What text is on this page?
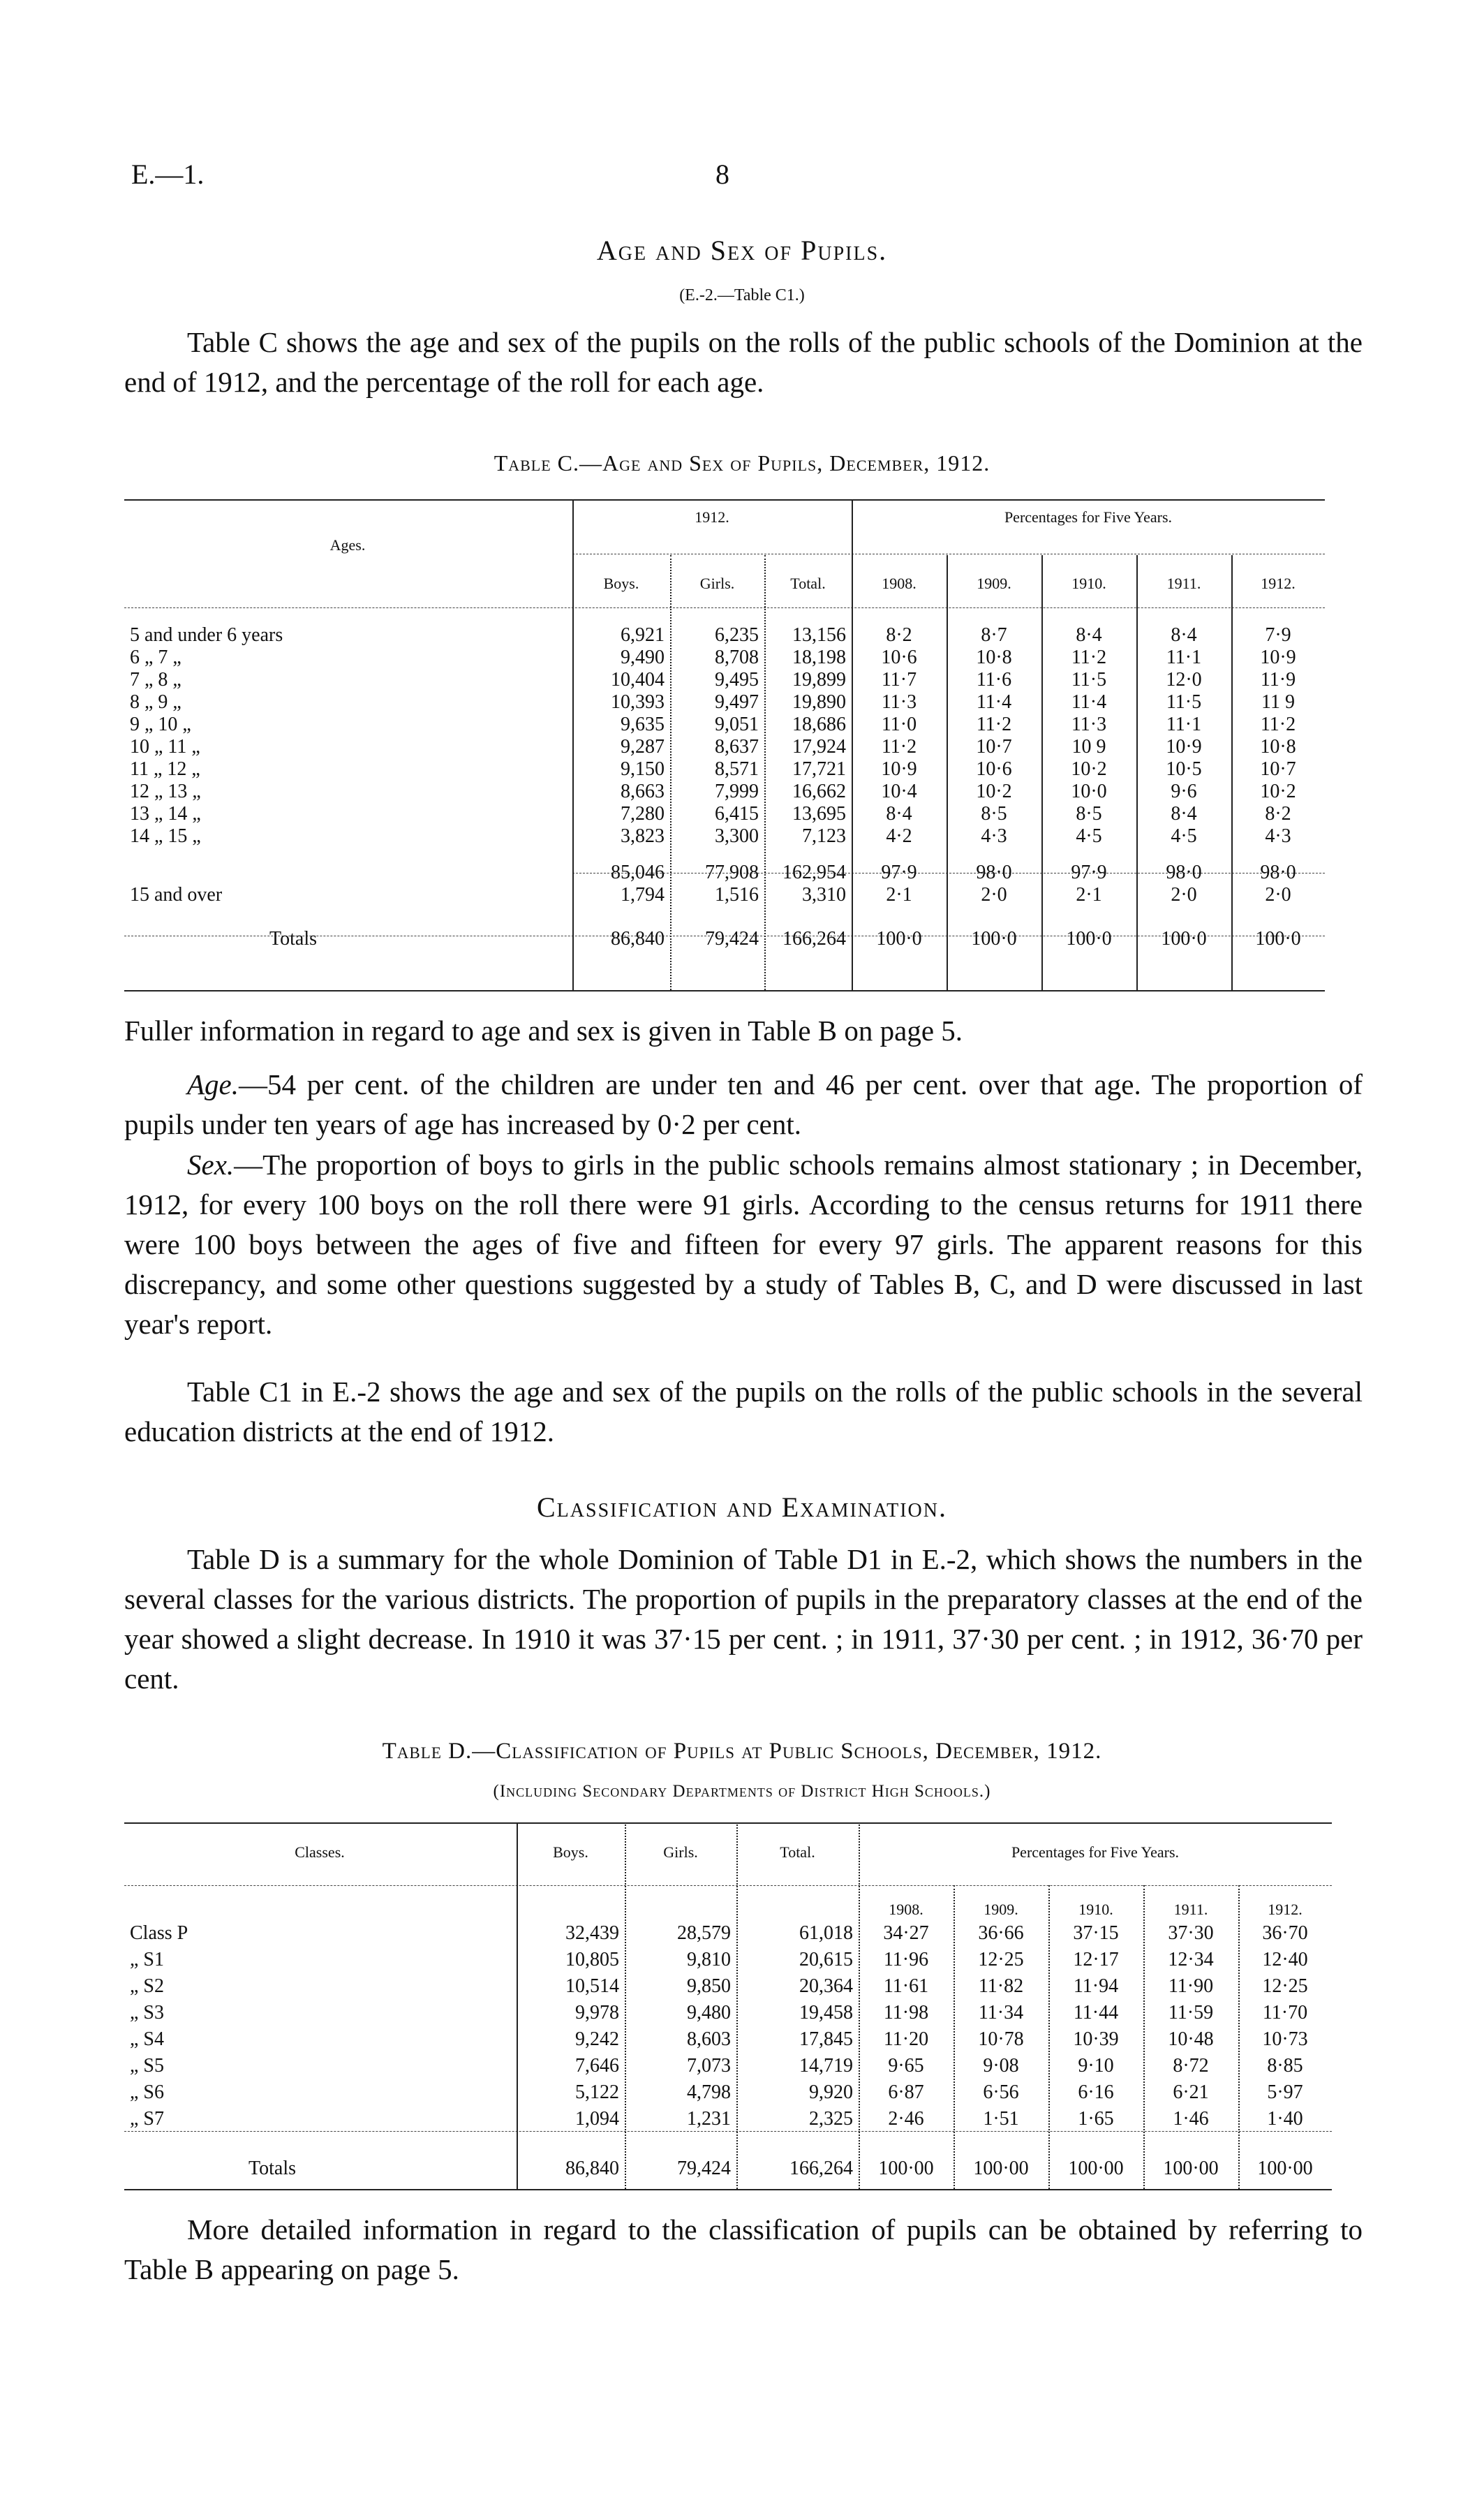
E.—1.	8
Age and Sex of Pupils.
(E.-2.—Table C1.)
Table C shows the age and sex of the pupils on the rolls of the public schools of the Dominion at the end of 1912, and the percentage of the roll for each age.
Table C.—Age and Sex of Pupils, December, 1912.
Ages.
1912.	Percentages for Five Years.
	Boys.	Girls.	Total.	1908.	1909.	1910.	1911.	1912.

5 and under 6 years	6,921	6,235	13,156	8·2	8·7	8·4	8·4	7·9
6 „ 7 „	9,490	8,708	18,198	10·6	10·8	11·2	11·1	10·9
7 „ 8 „	10,404	9,495	19,899	11·7	11·6	11·5	12·0	11·9
8 „ 9 „	10,393	9,497	19,890	11·3	11·4	11·4	11·5	11 9
9 „ 10 „	9,635	9,051	18,686	11·0	11·2	11·3	11·1	11·2
10 „ 11 „	9,287	8,637	17,924	11·2	10·7	10 9	10·9	10·8
11 „ 12 „	9,150	8,571	17,721	10·9	10·6	10·2	10·5	10·7
12 „ 13 „	8,663	7,999	16,662	10·4	10·2	10·0	9·6	10·2
13 „ 14 „	7,280	6,415	13,695	8·4	8·5	8·5	8·4	8·2
14 „ 15 „	3,823	3,300	7,123	4·2	4·3	4·5	4·5	4·3

	85,046	77,908	162,954	97·9	98·0	97·9	98·0	98·0
15 and over	1,794	1,516	3,310	2·1	2·0	2·1	2·0	2·0

Totals	86,840	79,424	166,264	100·0	100·0	100·0	100·0	100·0
Fuller information in regard to age and sex is given in Table B on page 5.
Age.—54 per cent. of the children are under ten and 46 per cent. over that age. The proportion of pupils under ten years of age has increased by 0·2 per cent.
Sex.—The proportion of boys to girls in the public schools remains almost stationary ; in December, 1912, for every 100 boys on the roll there were 91 girls. According to the census returns for 1911 there were 100 boys between the ages of five and fifteen for every 97 girls. The apparent reasons for this discrepancy, and some other questions suggested by a study of Tables B, C, and D were discussed in last year's report.
Table C1 in E.-2 shows the age and sex of the pupils on the rolls of the public schools in the several education districts at the end of 1912.
Classification and Examination.
Table D is a summary for the whole Dominion of Table D1 in E.-2, which shows the numbers in the several classes for the various districts. The proportion of pupils in the preparatory classes at the end of the year showed a slight decrease. In 1910 it was 37·15 per cent. ; in 1911, 37·30 per cent. ; in 1912, 36·70 per cent.
Table D.—Classification of Pupils at Public Schools, December, 1912.
(Including Secondary Departments of District High Schools.)
Classes.	Boys.	Girls.	Total.	Percentages for Five Years.
				1908.	1909.	1910.	1911.	1912.
Class P	32,439	28,579	61,018	34·27	36·66	37·15	37·30	36·70
„ S1	10,805	9,810	20,615	11·96	12·25	12·17	12·34	12·40
„ S2	10,514	9,850	20,364	11·61	11·82	11·94	11·90	12·25
„ S3	9,978	9,480	19,458	11·98	11·34	11·44	11·59	11·70
„ S4	9,242	8,603	17,845	11·20	10·78	10·39	10·48	10·73
„ S5	7,646	7,073	14,719	9·65	9·08	9·10	8·72	8·85
„ S6	5,122	4,798	9,920	6·87	6·56	6·16	6·21	5·97
„ S7	1,094	1,231	2,325	2·46	1·51	1·65	1·46	1·40

Totals	86,840	79,424	166,264	100·00	100·00	100·00	100·00	100·00
More detailed information in regard to the classification of pupils can be obtained by referring to Table B appearing on page 5.
